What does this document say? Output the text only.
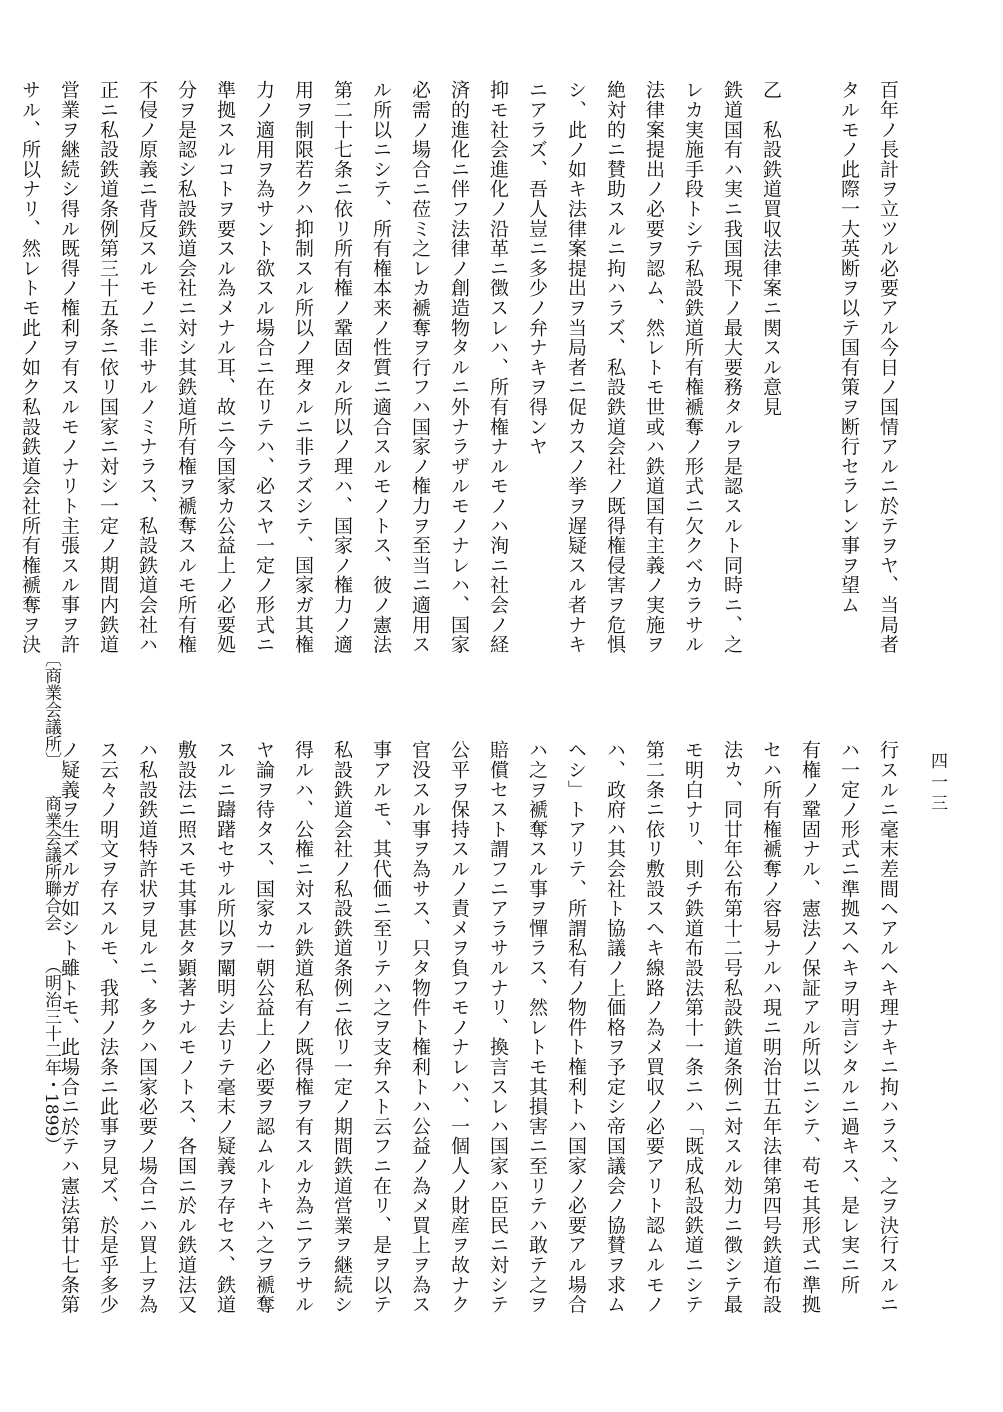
百年ノ長計ヲ立ツル必要アル今日ノ国情アルニ於テヲヤ、当局者
タルモノ此際一大英断ヲ以テ国有策ヲ断行セラレン事ヲ望ム
乙　私設鉄道買収法律案ニ関スル意見
鉄道国有ハ実ニ我国現下ノ最大要務タルヲ是認スルト同時ニ、之
レカ実施手段トシテ私設鉄道所有権褫奪ノ形式ニ欠クベカラサル
法律案提出ノ必要ヲ認ム、然レトモ世或ハ鉄道国有主義ノ実施ヲ
絶対的ニ賛助スルニ拘ハラズ、私設鉄道会社ノ既得権侵害ヲ危惧
シ、此ノ如キ法律案提出ヲ当局者ニ促カスノ挙ヲ遅疑スル者ナキ
ニアラズ、吾人豈ニ多少ノ弁ナキヲ得ンヤ
抑モ社会進化ノ沿革ニ徴スレハ、所有権ナルモノハ洵ニ社会ノ経
済的進化ニ伴フ法律ノ創造物タルニ外ナラザルモノナレハ、国家
必需ノ場合ニ莅ミ之レカ褫奪ヲ行フハ国家ノ権力ヲ至当ニ適用ス
ル所以ニシテ、所有権本来ノ性質ニ適合スルモノトス、彼ノ憲法
第二十七条ニ依リ所有権ノ鞏固タル所以ノ理ハ、国家ノ権力ノ適
用ヲ制限若クハ抑制スル所以ノ理タルニ非ラズシテ、国家ガ其権
力ノ適用ヲ為サント欲スル場合ニ在リテハ、必スヤ一定ノ形式ニ
準拠スルコトヲ要スル為メナル耳、故ニ今国家カ公益上ノ必要処
分ヲ是認シ私設鉄道会社ニ対シ其鉄道所有権ヲ褫奪スルモ所有権
不侵ノ原義ニ背反スルモノニ非サルノミナラス、私設鉄道会社ハ
正ニ私設鉄道条例第三十五条ニ依リ国家ニ対シ一定ノ期間内鉄道
営業ヲ継続シ得ル既得ノ権利ヲ有スルモノナリト主張スル事ヲ許
サル、所以ナリ、然レトモ此ノ如ク私設鉄道会社所有権褫奪ヲ決
行スルニ毫末差間ヘアルヘキ理ナキニ拘ハラス、之ヲ決行スルニ
ハ一定ノ形式ニ準拠スヘキヲ明言シタルニ過キス、是レ実ニ所
有権ノ鞏固ナル、憲法ノ保証アル所以ニシテ、苟モ其形式ニ準拠
セハ所有権褫奪ノ容易ナルハ現ニ明治廿五年法律第四号鉄道布設
法カ、同廿年公布第十二号私設鉄道条例ニ対スル効力ニ徴シテ最
モ明白ナリ、則チ鉄道布設法第十一条ニハ「既成私設鉄道ニシテ
第二条ニ依リ敷設スヘキ線路ノ為メ買収ノ必要アリト認ムルモノ
ハ、政府ハ其会社ト協議ノ上価格ヲ予定シ帝国議会ノ協賛ヲ求ム
ヘシ」トアリテ、所謂私有ノ物件ト権利トハ国家ノ必要アル場合
ハ之ヲ褫奪スル事ヲ憚ラス、然レトモ其損害ニ至リテハ敢テ之ヲ
賠償セスト謂フニアラサルナリ、換言スレハ国家ハ臣民ニ対シテ
公平ヲ保持スルノ責メヲ負フモノナレハ、一個人ノ財産ヲ故ナク
官没スル事ヲ為サス、只タ物件ト権利トハ公益ノ為メ買上ヲ為ス
事アルモ、其代価ニ至リテハ之ヲ支弁スト云フニ在リ、是ヲ以テ
私設鉄道会社ノ私設鉄道条例ニ依リ一定ノ期間鉄道営業ヲ継続シ
得ルハ、公権ニ対スル鉄道私有ノ既得権ヲ有スルカ為ニアラサル
ヤ論ヲ待タス、国家カ一朝公益上ノ必要ヲ認ムルトキハ之ヲ褫奪
スルニ躊躇セサル所以ヲ闡明シ去リテ毫末ノ疑義ヲ存セス、鉄道
敷設法ニ照スモ其事甚タ顕著ナルモノトス、各国ニ於ル鉄道法又
ハ私設鉄道特許状ヲ見ルニ、多クハ国家必要ノ場合ニハ買上ヲ為
ス云々ノ明文ヲ存スルモ、我邦ノ法条ニ此事ヲ見ズ、於是乎多少
ノ疑義ヲ生ズルガ如シト雖トモ、此場合ニ於テハ憲法第廿七条第
〔商業会議所〕商業会議所聯合会（明治三十二年・1899）
四一三
